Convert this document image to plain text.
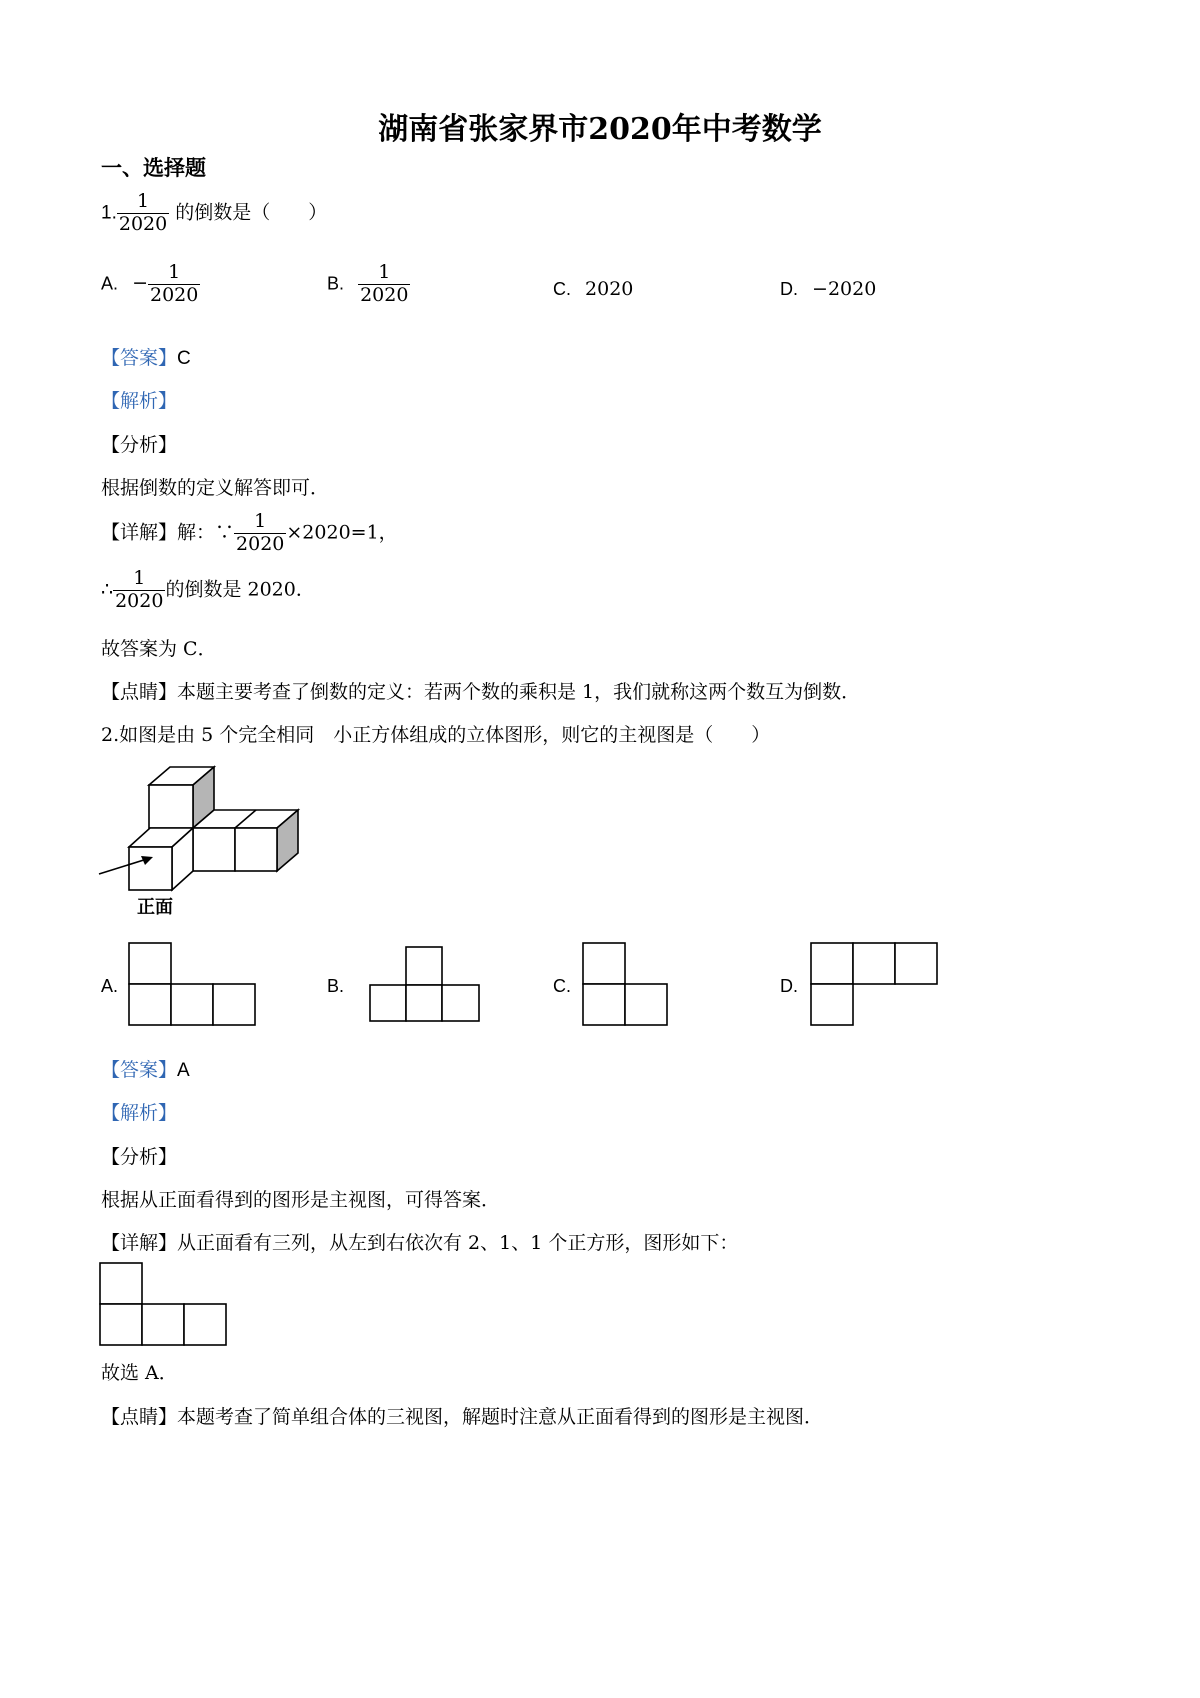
湖南省张家界市2020年中考数学
一、选择题
1. $\frac{1}{2020}$ 的倒数是（　　）
A. − $\frac{1}{2020}$	B. $\frac{1}{2020}$	C. 2020	D. −2020
【答案】C
【解析】
【分析】
根据倒数的定义解答即可．
【详解】解：∵ $\frac{1}{2020} \times 2020=1$，
∴ $\frac{1}{2020}$ 的倒数是 2020．
故答案为 C．
【点睛】本题主要考查了倒数的定义：若两个数的乘积是 1，我们就称这两个数互为倒数．
2.如图是由 5 个完全相同　小正方体组成的立体图形，则它的主视图是（　　）
正面
A.	B.	C.	D.
【答案】A
【解析】
【分析】
根据从正面看得到的图形是主视图，可得答案．
【详解】从正面看有三列，从左到右依次有 2、1、1 个正方形，图形如下：
故选 A．
【点睛】本题考查了简单组合体的三视图，解题时注意从正面看得到的图形是主视图．
